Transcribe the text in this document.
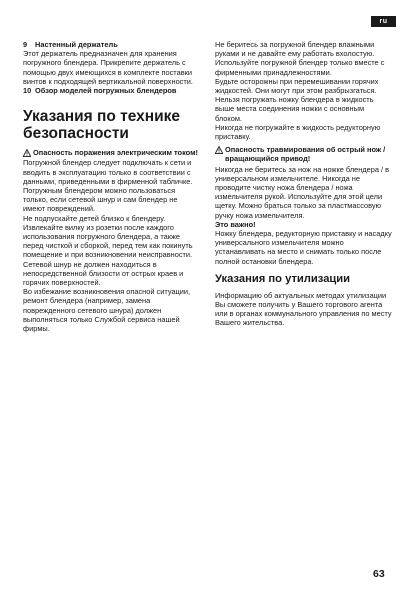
ru
9	Настенный держатель

Этот держатель предназначен для хранения погружного блендера. Прикрепите держатель с помощью двух имеющихся в комплекте поставки винтов к подходящей вертикальной поверхности.

10 Обзор моделей погружных блендеров
Указания по технике безопасности
Опасность поражения электрическим током!

Погружной блендер следует подключать к сети и вводить в эксплуатацию только в соответствии с данными, приведенными в фирменной табличке.

Погружным блендером можно пользоваться только, если сетевой шнур и сам блендер не имеют повреждений.

Не подпускайте детей близко к блендеру.

Извлекайте вилку из розетки после каждого использования погружного блендера, а также перед чисткой и сборкой, перед тем как покинуть помещение и при возникновении неисправности.

Сетевой шнур не должен находиться в непосредственной близости от острых краев и горячих поверхностей.

Во избежание возникновения опасной ситуации, ремонт блендера (например, замена поврежденного сетевого шнура) должен выполняться только Службой сервиса нашей фирмы.

Не беритесь за погружной блендер влажными руками и не давайте ему работать вхолостую.

Используйте погружной блендер только вместе с фирменными принадлежностями.

Будьте осторожны при перемешивании горячих жидкостей. Они могут при этом разбрызгаться.

Нельзя погружать ножку блендера в жидкость выше места соединения ножки с основным блоком.

Никогда не погружайте в жидкость редукторную приставку.

Опасность травмирования об острый нож / вращающийся привод!

Никогда не беритесь за нож на ножке блендера / в универсальном измельчителе. Никогда не проводите чистку ножа блендера / ножа измельчителя рукой. Используйте для этой цели щетку. Можно браться только за пластмассовую ручку ножа измельчителя.

Это важно!

Ножку блендера, редукторную приставку и насадку универсального измельчителя можно устанавливать на место и снимать только после полной остановки блендера.

Указания по утилизации

Информацию об актуальных методах утилизации Вы сможете получить у Вашего торгового агента или в органах коммунального управления по месту Вашего жительства.

63
